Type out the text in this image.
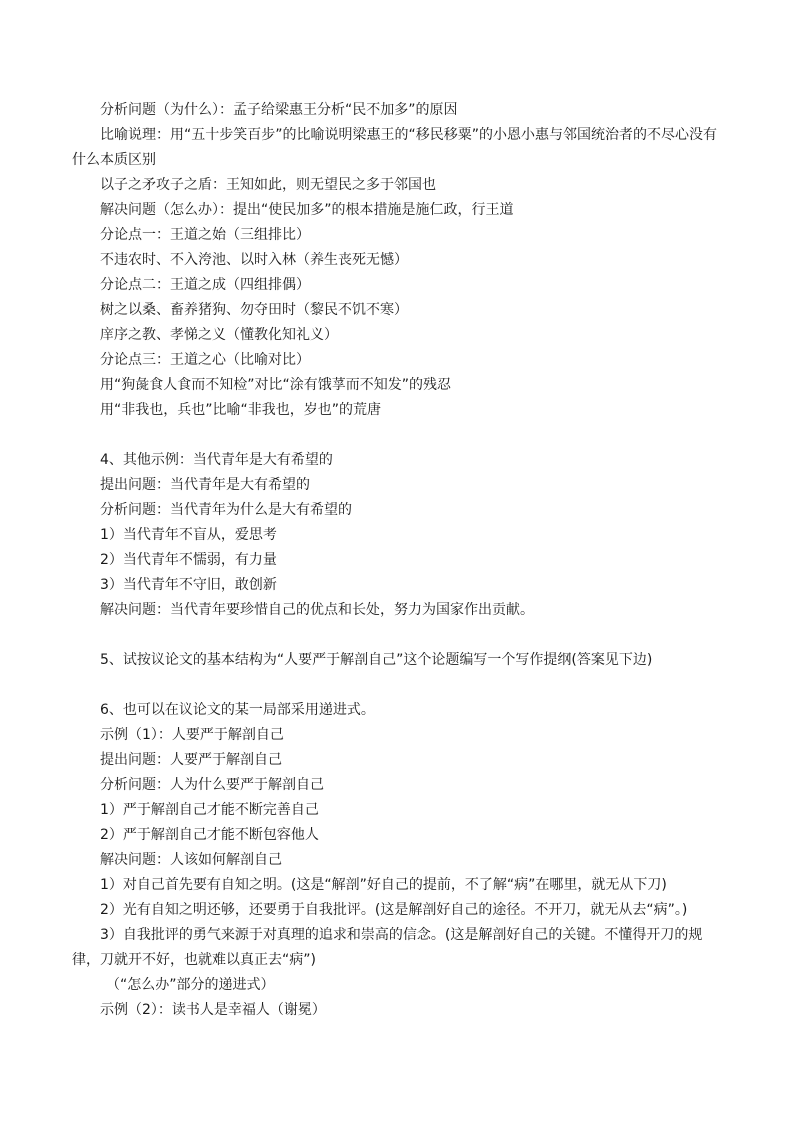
分析问题（为什么）：孟子给梁惠王分析“民不加多”的原因
比喻说理：用“五十步笑百步”的比喻说明梁惠王的“移民移粟”的小恩小惠与邻国统治者的不尽心没有什么本质区别
以子之矛攻子之盾：王知如此，则无望民之多于邻国也
解决问题（怎么办）：提出“使民加多”的根本措施是施仁政，行王道
分论点一：王道之始（三组排比）
不违农时、不入洿池、以时入林（养生丧死无憾）
分论点二：王道之成（四组排偶）
树之以桑、畜养猪狗、勿夺田时（黎民不饥不寒）
庠序之教、孝悌之义（懂教化知礼义）
分论点三：王道之心（比喻对比）
用“狗彘食人食而不知检”对比“涂有饿莩而不知发”的残忍
用“非我也，兵也”比喻“非我也，岁也”的荒唐
4、其他示例：当代青年是大有希望的
提出问题：当代青年是大有希望的
分析问题：当代青年为什么是大有希望的
1）当代青年不盲从，爱思考
2）当代青年不懦弱，有力量
3）当代青年不守旧，敢创新
解决问题：当代青年要珍惜自己的优点和长处，努力为国家作出贡献。
5、试按议论文的基本结构为“人要严于解剖自己”这个论题编写一个写作提纲(答案见下边)
6、也可以在议论文的某一局部采用递进式。
示例（1）：人要严于解剖自己
提出问题：人要严于解剖自己
分析问题：人为什么要严于解剖自己
1）严于解剖自己才能不断完善自己
2）严于解剖自己才能不断包容他人
解决问题：人该如何解剖自己
1）对自己首先要有自知之明。(这是“解剖”好自己的提前，不了解“病”在哪里，就无从下刀)
2）光有自知之明还够，还要勇于自我批评。(这是解剖好自己的途径。不开刀，就无从去“病”。)
3）自我批评的勇气来源于对真理的追求和崇高的信念。(这是解剖好自己的关键。不懂得开刀的规律，刀就开不好，也就难以真正去“病”)
（“怎么办”部分的递进式）
示例（2）：读书人是幸福人（谢冕）
